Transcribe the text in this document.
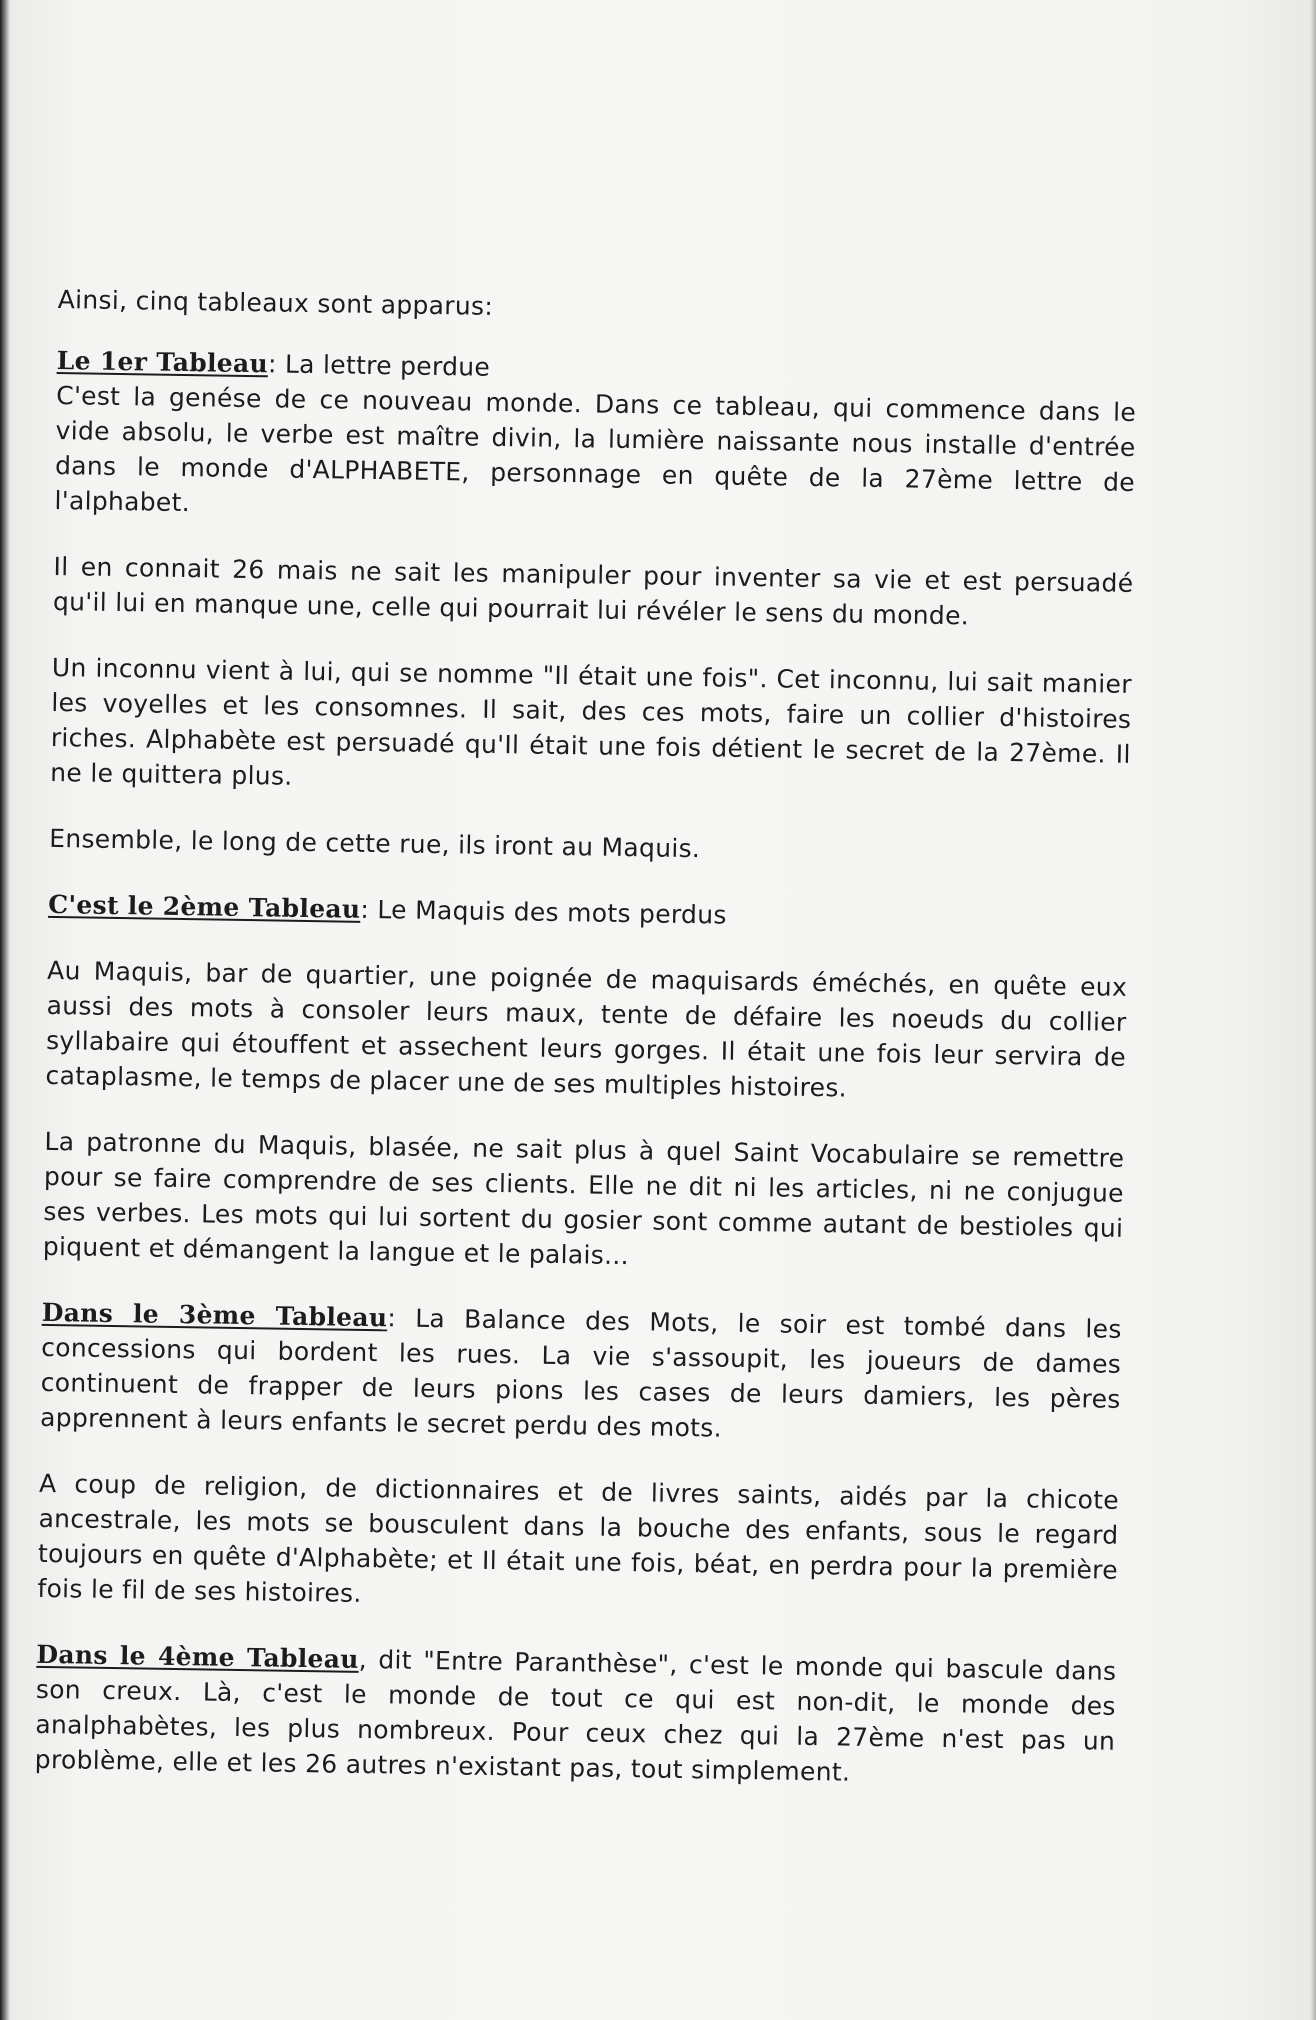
Ainsi, cinq tableaux sont apparus:

Le 1er Tableau: La lettre perdue

C'est la genése de ce nouveau monde. Dans ce tableau, qui commence dans le vide absolu, le verbe est maître divin, la lumière naissante nous installe d'entrée dans le monde d'ALPHABETE, personnage en quête de la 27ème lettre de l'alphabet.

Il en connait 26 mais ne sait les manipuler pour inventer sa vie et est persuadé qu'il lui en manque une, celle qui pourrait lui révéler le sens du monde.

Un inconnu vient à lui, qui se nomme "Il était une fois". Cet inconnu, lui sait manier les voyelles et les consomnes. Il sait, des ces mots, faire un collier d'histoires riches. Alphabète est persuadé qu'Il était une fois détient le secret de la 27ème. Il ne le quittera plus.

Ensemble, le long de cette rue, ils iront au Maquis.

C'est le 2ème Tableau: Le Maquis des mots perdus

Au Maquis, bar de quartier, une poignée de maquisards éméchés, en quête eux aussi des mots à consoler leurs maux, tente de défaire les noeuds du collier syllabaire qui étouffent et assechent leurs gorges. Il était une fois leur servira de cataplasme, le temps de placer une de ses multiples histoires.

La patronne du Maquis, blasée, ne sait plus à quel Saint Vocabulaire se remettre pour se faire comprendre de ses clients. Elle ne dit ni les articles, ni ne conjugue ses verbes. Les mots qui lui sortent du gosier sont comme autant de bestioles qui piquent et démangent la langue et le palais...

Dans le 3ème Tableau: La Balance des Mots, le soir est tombé dans les concessions qui bordent les rues. La vie s'assoupit, les joueurs de dames continuent de frapper de leurs pions les cases de leurs damiers, les pères apprennent à leurs enfants le secret perdu des mots.

A coup de religion, de dictionnaires et de livres saints, aidés par la chicote ancestrale, les mots se bousculent dans la bouche des enfants, sous le regard toujours en quête d'Alphabète; et Il était une fois, béat, en perdra pour la première fois le fil de ses histoires.

Dans le 4ème Tableau, dit "Entre Paranthèse", c'est le monde qui bascule dans son creux. Là, c'est le monde de tout ce qui est non-dit, le monde des analphabètes, les plus nombreux. Pour ceux chez qui la 27ème n'est pas un problème, elle et les 26 autres n'existant pas, tout simplement.
